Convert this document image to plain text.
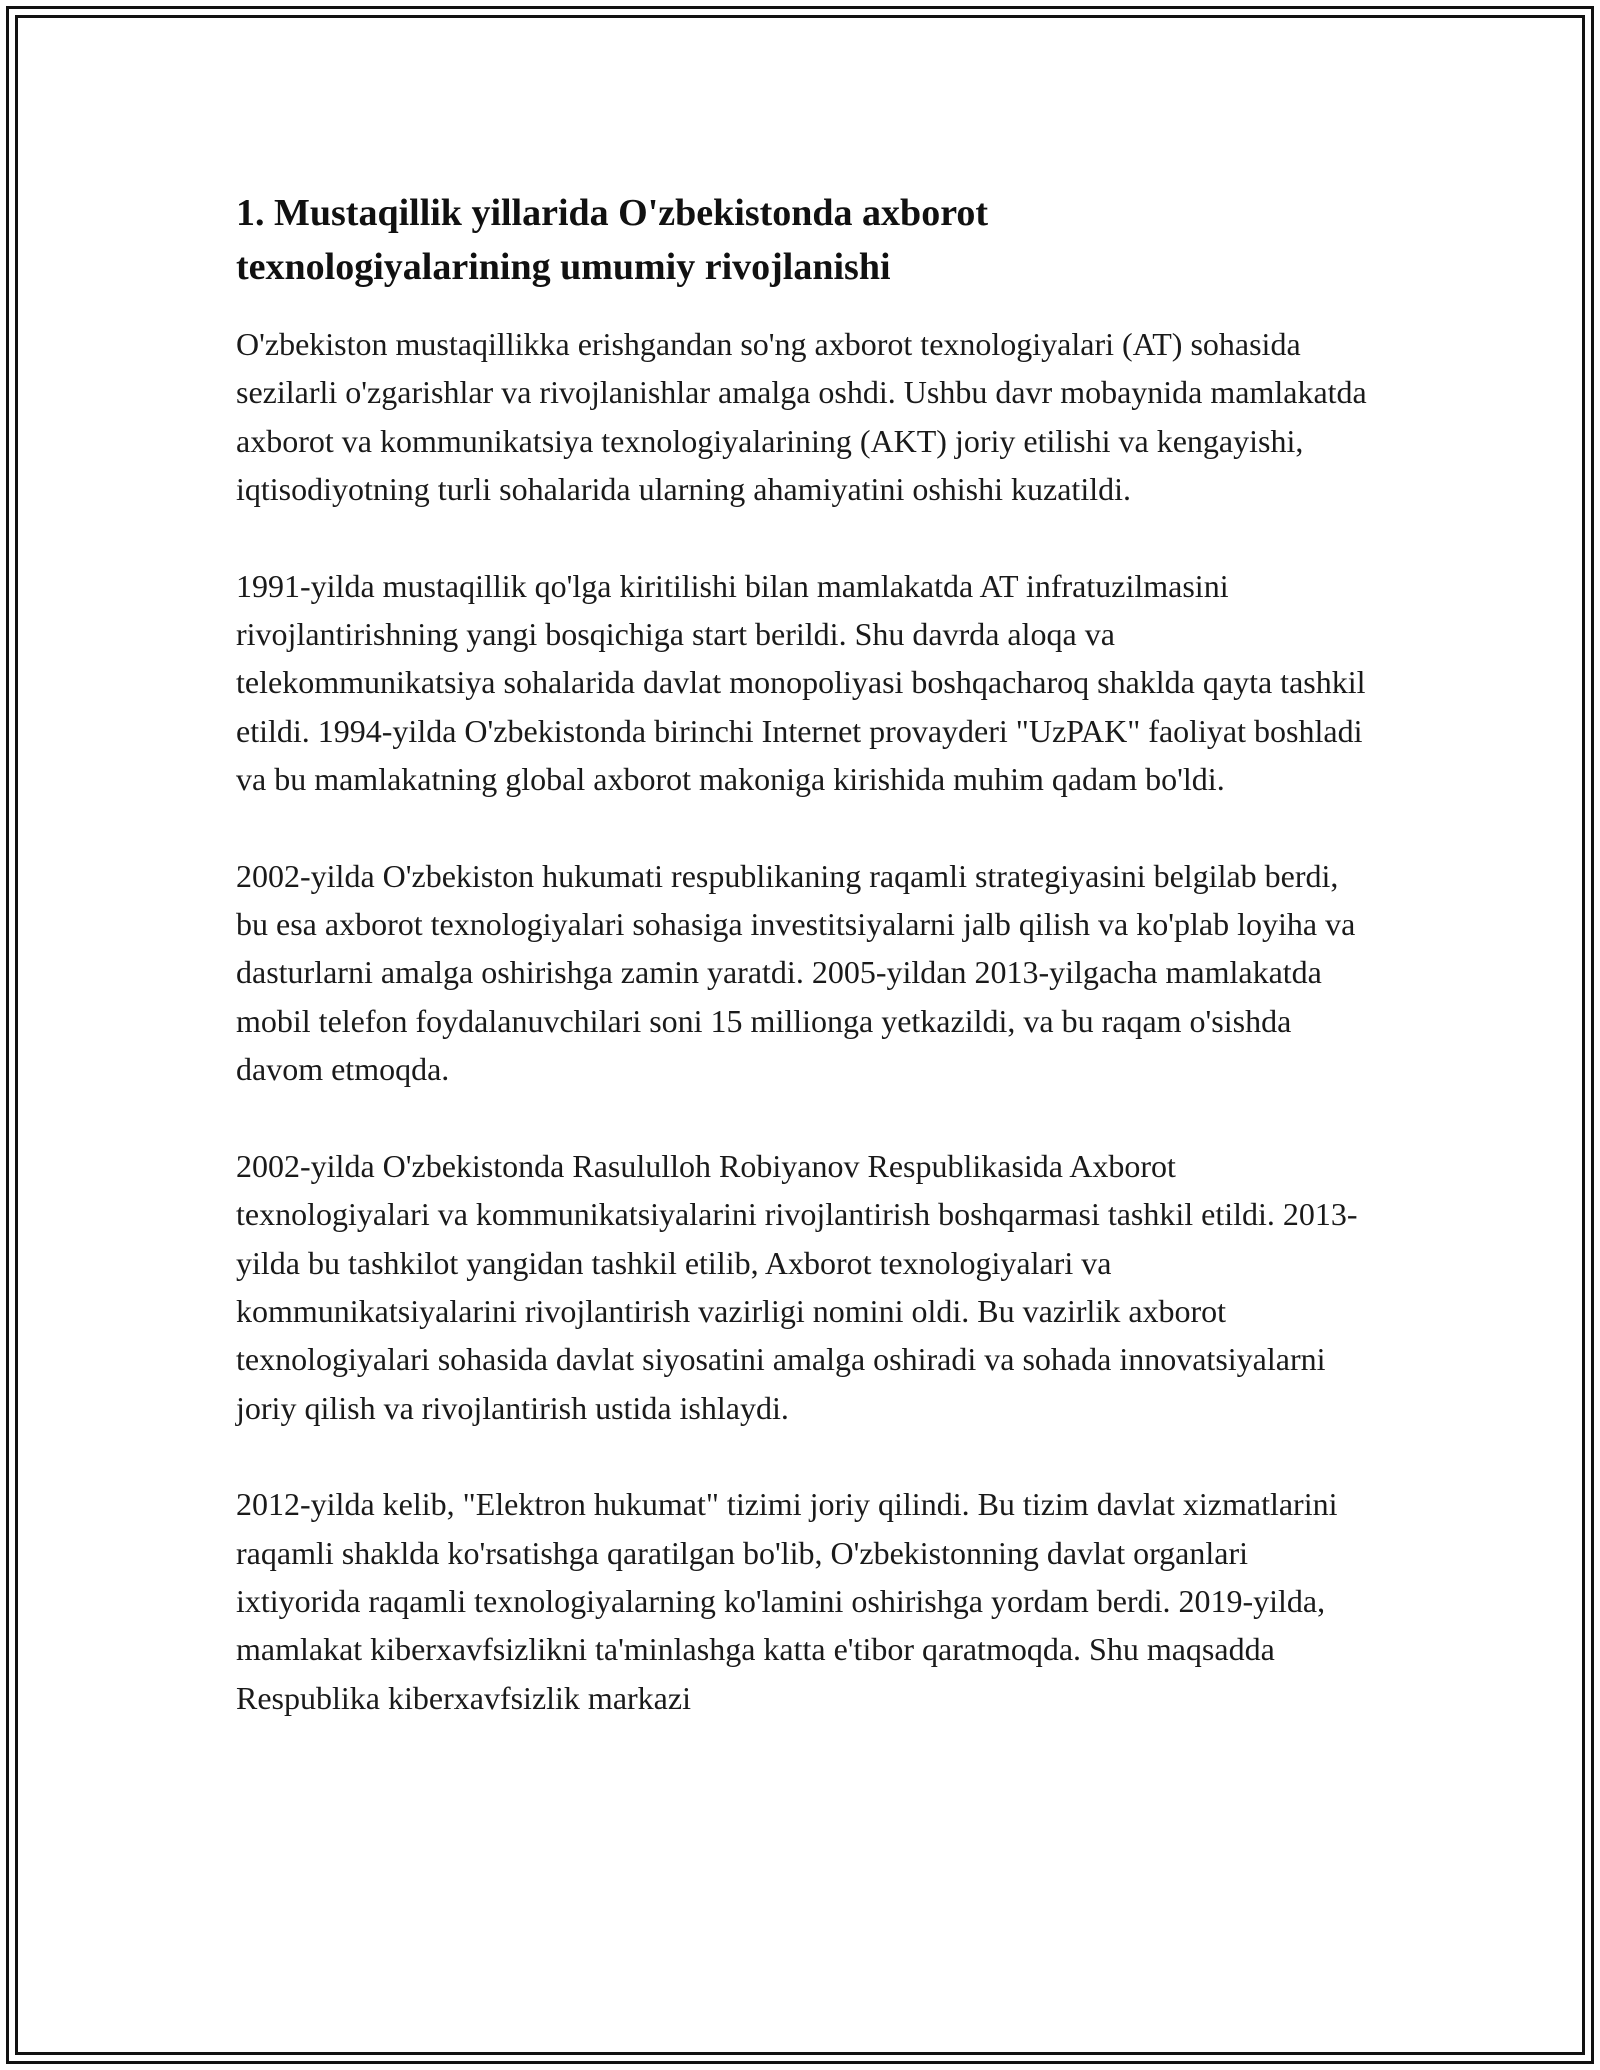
1. Mustaqillik yillarida O'zbekistonda axborot
texnologiyalarining umumiy rivojlanishi

O'zbekiston mustaqillikka erishgandan so'ng axborot texnologiyalari (AT) sohasida sezilarli o'zgarishlar va rivojlanishlar amalga oshdi. Ushbu davr mobaynida mamlakatda axborot va kommunikatsiya texnologiyalarining (AKT) joriy etilishi va kengayishi, iqtisodiyotning turli sohalarida ularning ahamiyatini oshishi kuzatildi.

1991-yilda mustaqillik qo'lga kiritilishi bilan mamlakatda AT infratuzilmasini rivojlantirishning yangi bosqichiga start berildi. Shu davrda aloqa va telekommunikatsiya sohalarida davlat monopoliyasi boshqacharoq shaklda qayta tashkil etildi. 1994-yilda O'zbekistonda birinchi Internet provayderi "UzPAK" faoliyat boshladi va bu mamlakatning global axborot makoniga kirishida muhim qadam bo'ldi.

2002-yilda O'zbekiston hukumati respublikaning raqamli strategiyasini belgilab berdi, bu esa axborot texnologiyalari sohasiga investitsiyalarni jalb qilish va ko'plab loyiha va dasturlarni amalga oshirishga zamin yaratdi. 2005-yildan 2013-yilgacha mamlakatda mobil telefon foydalanuvchilari soni 15 millionga yetkazildi, va bu raqam o'sishda davom etmoqda.

2002-yilda O'zbekistonda Rasululloh Robiyanov Respublikasida Axborot texnologiyalari va kommunikatsiyalarini rivojlantirish boshqarmasi tashkil etildi. 2013-yilda bu tashkilot yangidan tashkil etilib, Axborot texnologiyalari va kommunikatsiyalarini rivojlantirish vazirligi nomini oldi. Bu vazirlik axborot texnologiyalari sohasida davlat siyosatini amalga oshiradi va sohada innovatsiyalarni joriy qilish va rivojlantirish ustida ishlaydi.

2012-yilda kelib, "Elektron hukumat" tizimi joriy qilindi. Bu tizim davlat xizmatlarini raqamli shaklda ko'rsatishga qaratilgan bo'lib, O'zbekistonning davlat organlari ixtiyorida raqamli texnologiyalarning ko'lamini oshirishga yordam berdi. 2019-yilda, mamlakat kiberxavfsizlikni ta'minlashga katta e'tibor qaratmoqda. Shu maqsadda Respublika kiberxavfsizlik markazi
